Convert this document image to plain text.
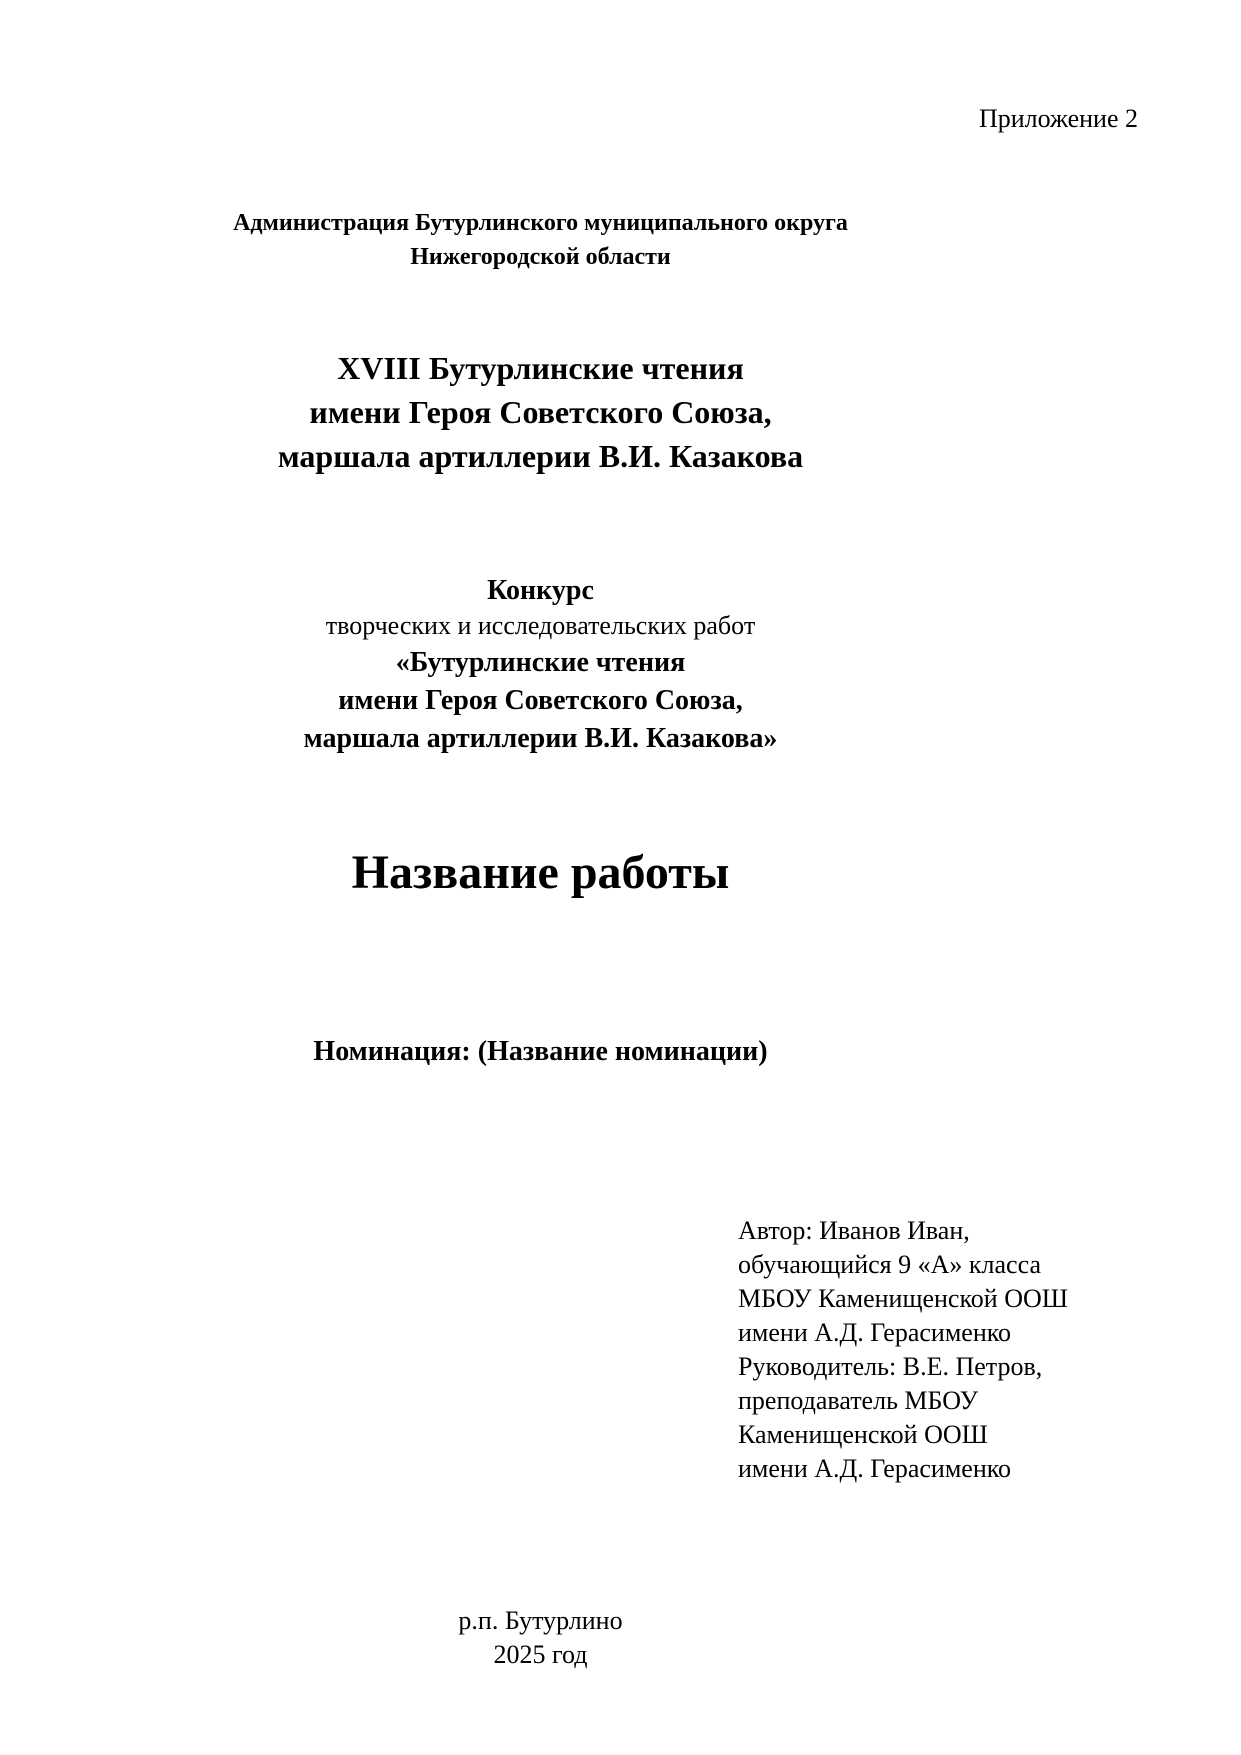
Приложение 2
Администрация Бутурлинского муниципального округа
Нижегородской области
XVIII Бутурлинские чтения
имени Героя Советского Союза,
маршала артиллерии В.И. Казакова
Конкурс
творческих и исследовательских работ
«Бутурлинские чтения
имени Героя Советского Союза,
маршала артиллерии В.И. Казакова»
Название работы
Номинация: (Название номинации)
Автор: Иванов Иван,
обучающийся 9 «А» класса
МБОУ Каменищенской ООШ
имени А.Д. Герасименко
Руководитель: В.Е. Петров,
преподаватель МБОУ
Каменищенской ООШ
имени А.Д. Герасименко
р.п. Бутурлино
2025 год
